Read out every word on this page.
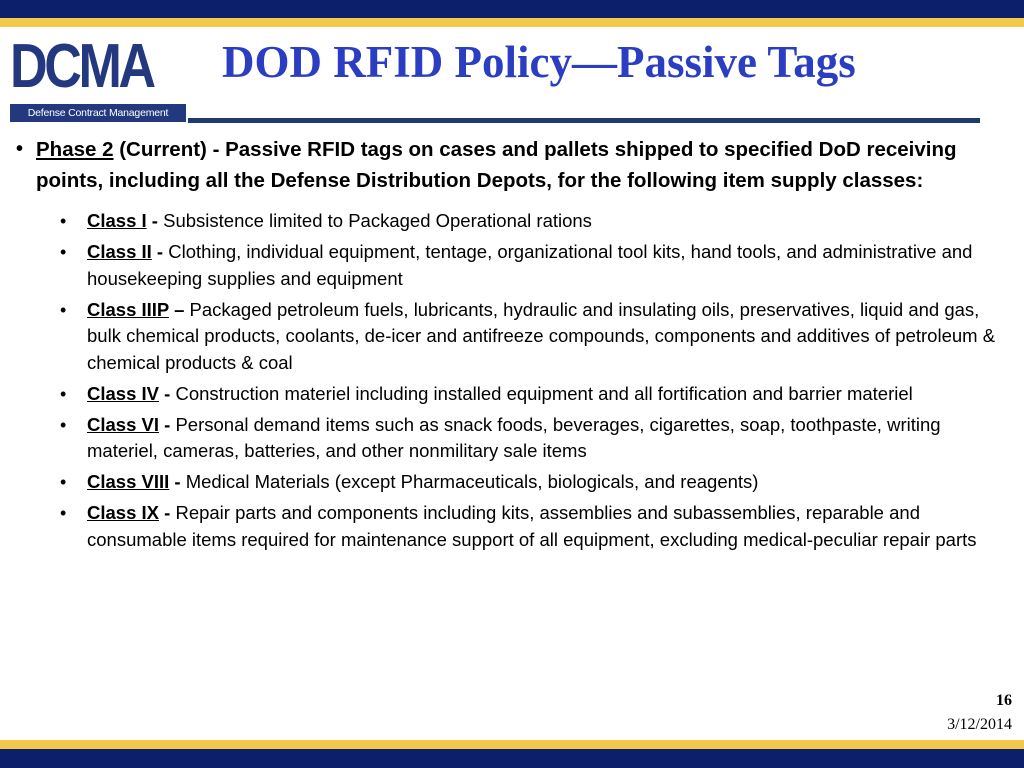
DCMA
Defense Contract Management Agency
DOD RFID Policy—Passive Tags
• Phase 2 (Current) - Passive RFID tags on cases and pallets shipped to specified DoD receiving points, including all the Defense Distribution Depots, for the following item supply classes:
• Class I - Subsistence limited to Packaged Operational rations
• Class II - Clothing, individual equipment, tentage, organizational tool kits, hand tools, and administrative and housekeeping supplies and equipment
• Class IIIP – Packaged petroleum fuels, lubricants, hydraulic and insulating oils, preservatives, liquid and gas, bulk chemical products, coolants, de-icer and antifreeze compounds, components and additives of petroleum & chemical products & coal
• Class IV - Construction materiel including installed equipment and all fortification and barrier materiel
• Class VI - Personal demand items such as snack foods, beverages, cigarettes, soap, toothpaste, writing materiel, cameras, batteries, and other nonmilitary sale items
• Class VIII - Medical Materials (except Pharmaceuticals, biologicals, and reagents)
• Class IX - Repair parts and components including kits, assemblies and subassemblies, reparable and consumable items required for maintenance support of all equipment, excluding medical-peculiar repair parts
16
3/12/2014
